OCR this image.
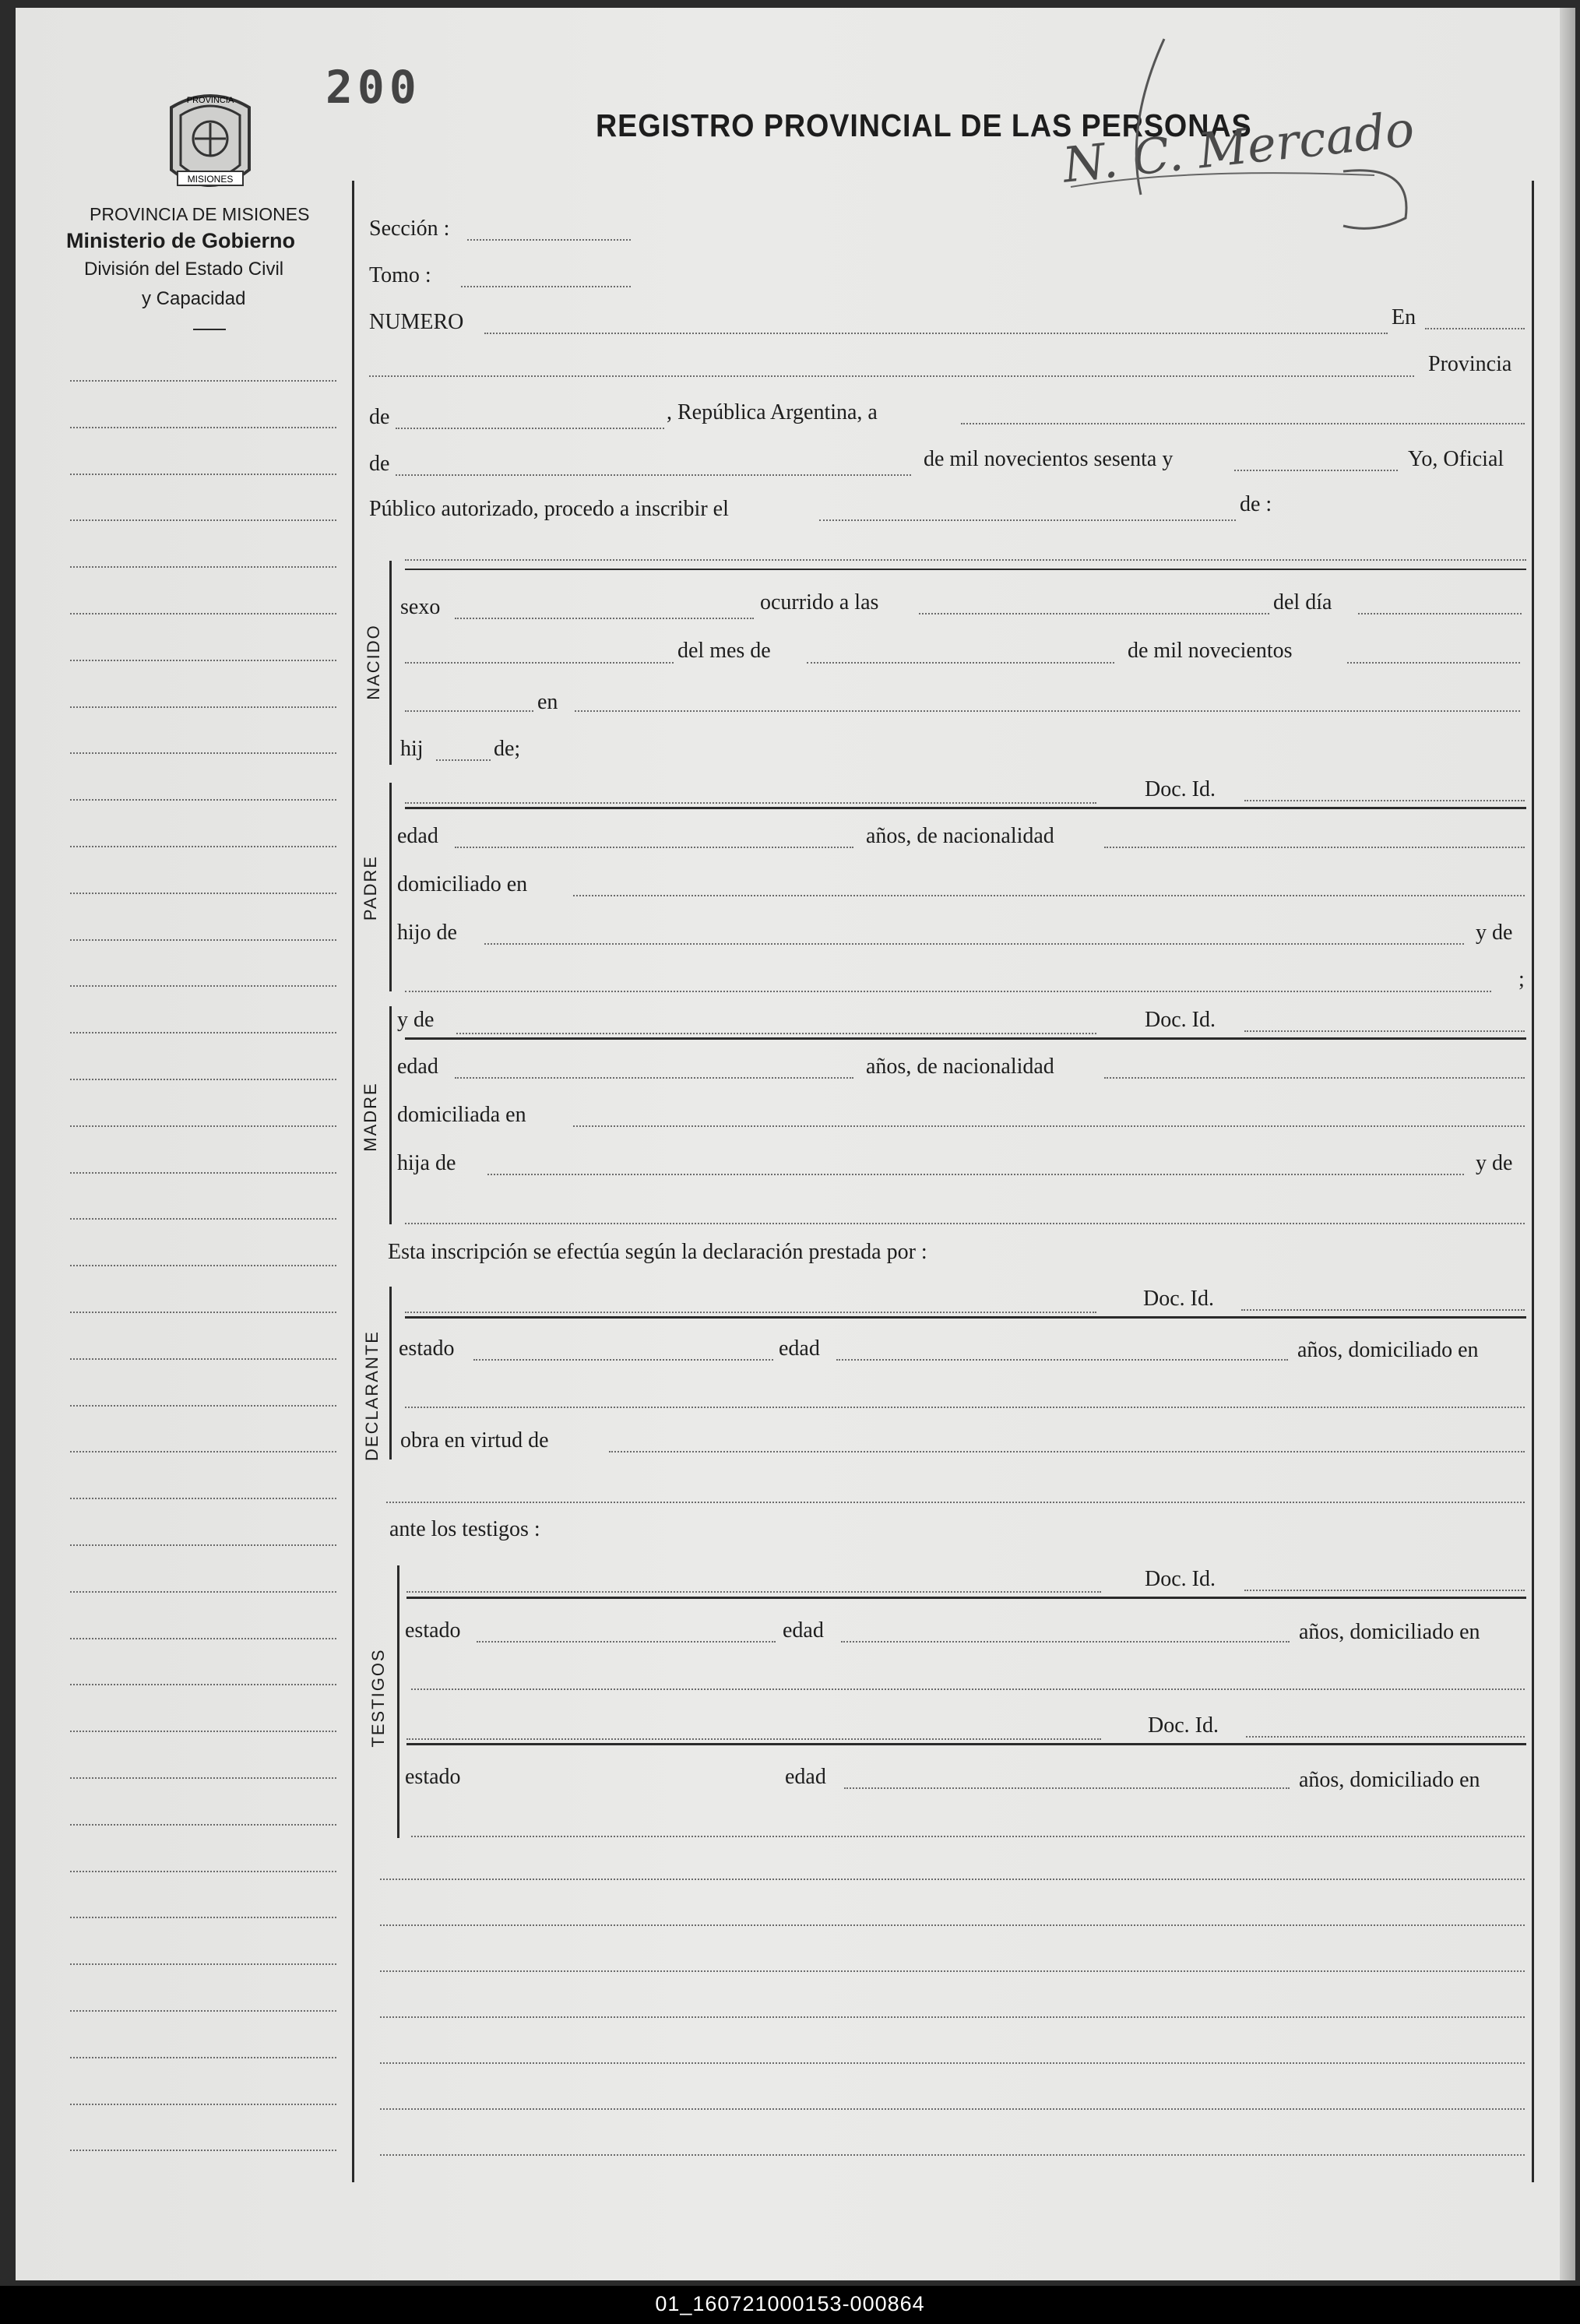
200
REGISTRO PROVINCIAL DE LAS PERSONAS
MISIONES
PROVINCIA
PROVINCIA DE MISIONES
Ministerio de Gobierno
División del Estado Civil
y Capacidad
N. C. Mercado
Sección :
Tomo :
NUMERO	En
Provincia
de	, República Argentina, a
de	de mil novecientos sesenta y	Yo, Oficial
Público autorizado, procedo a inscribir el	de :
NACIDO
sexo	ocurrido a las	del día
del mes de	de mil novecientos
en
hij	de;
PADRE
Doc. Id.
edad	años, de nacionalidad
domiciliado en
hijo de	y de
;
MADRE
y de	Doc. Id.
edad	años, de nacionalidad
domiciliada en
hija de	y de
Esta inscripción se efectúa según la declaración prestada por :
DECLARANTE
Doc. Id.
estado	edad	años, domiciliado en
obra en virtud de
ante los testigos :
TESTIGOS
Doc. Id.
estado	edad	años, domiciliado en
Doc. Id.
estado	edad	años, domiciliado en
01_160721000153-000864
